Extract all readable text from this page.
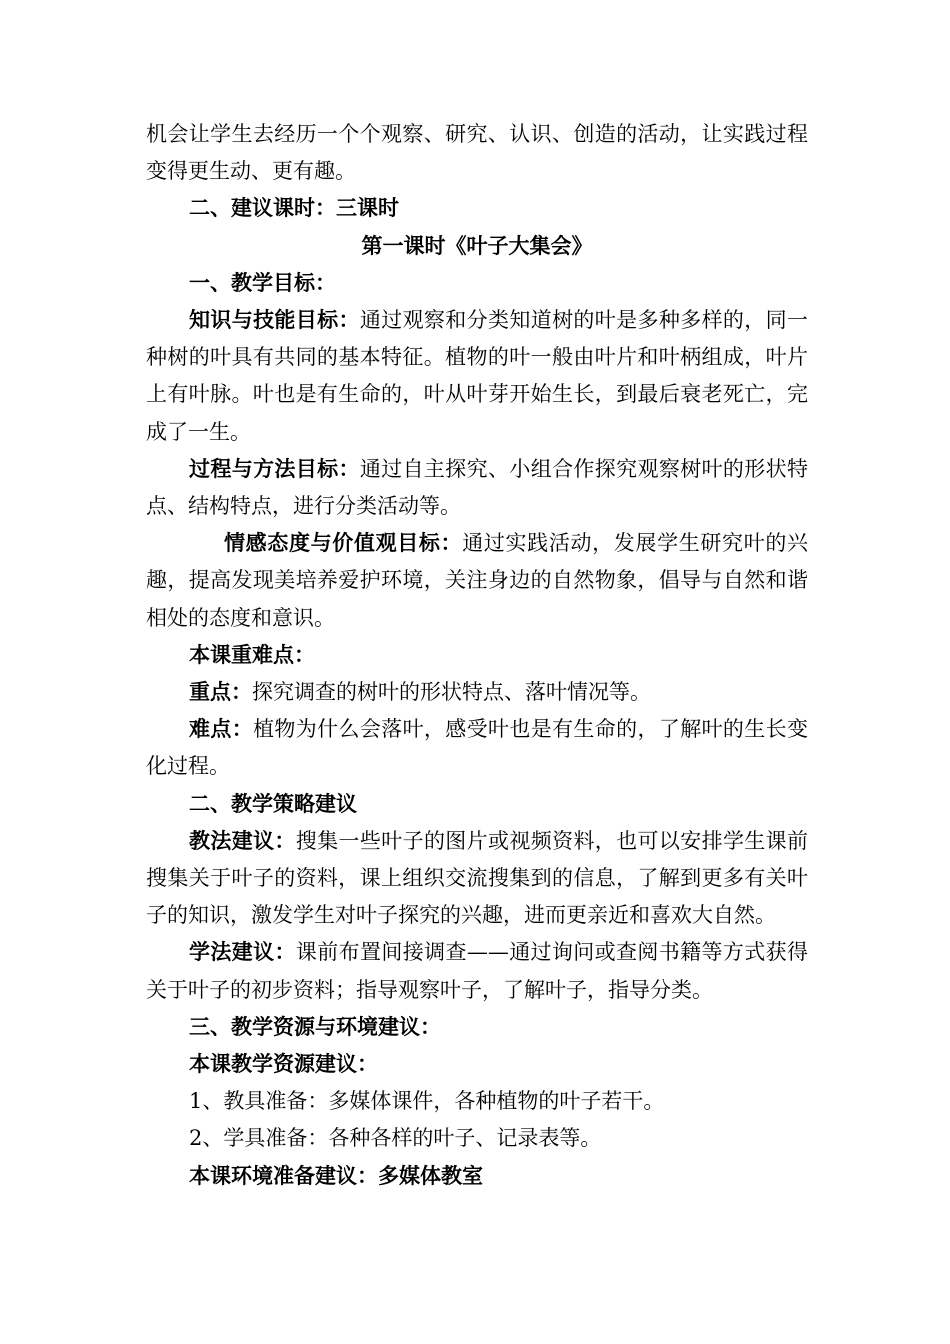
机会让学生去经历一个个观察、研究、认识、创造的活动，让实践过程变得更生动、更有趣。

二、建议课时：三课时

第一课时《叶子大集会》

一、教学目标：

知识与技能目标：通过观察和分类知道树的叶是多种多样的，同一种树的叶具有共同的基本特征。植物的叶一般由叶片和叶柄组成，叶片上有叶脉。叶也是有生命的，叶从叶芽开始生长，到最后衰老死亡，完成了一生。

过程与方法目标：通过自主探究、小组合作探究观察树叶的形状特点、结构特点，进行分类活动等。

情感态度与价值观目标：通过实践活动，发展学生研究叶的兴趣，提高发现美培养爱护环境，关注身边的自然物象，倡导与自然和谐相处的态度和意识。

本课重难点：

重点：探究调查的树叶的形状特点、落叶情况等。

难点：植物为什么会落叶，感受叶也是有生命的，了解叶的生长变化过程。

二、教学策略建议

教法建议：搜集一些叶子的图片或视频资料，也可以安排学生课前搜集关于叶子的资料，课上组织交流搜集到的信息，了解到更多有关叶子的知识，激发学生对叶子探究的兴趣，进而更亲近和喜欢大自然。

学法建议：课前布置间接调查——通过询问或查阅书籍等方式获得关于叶子的初步资料；指导观察叶子，了解叶子，指导分类。

三、教学资源与环境建议：

本课教学资源建议：

1、教具准备：多媒体课件，各种植物的叶子若干。

2、学具准备：各种各样的叶子、记录表等。

本课环境准备建议：多媒体教室
